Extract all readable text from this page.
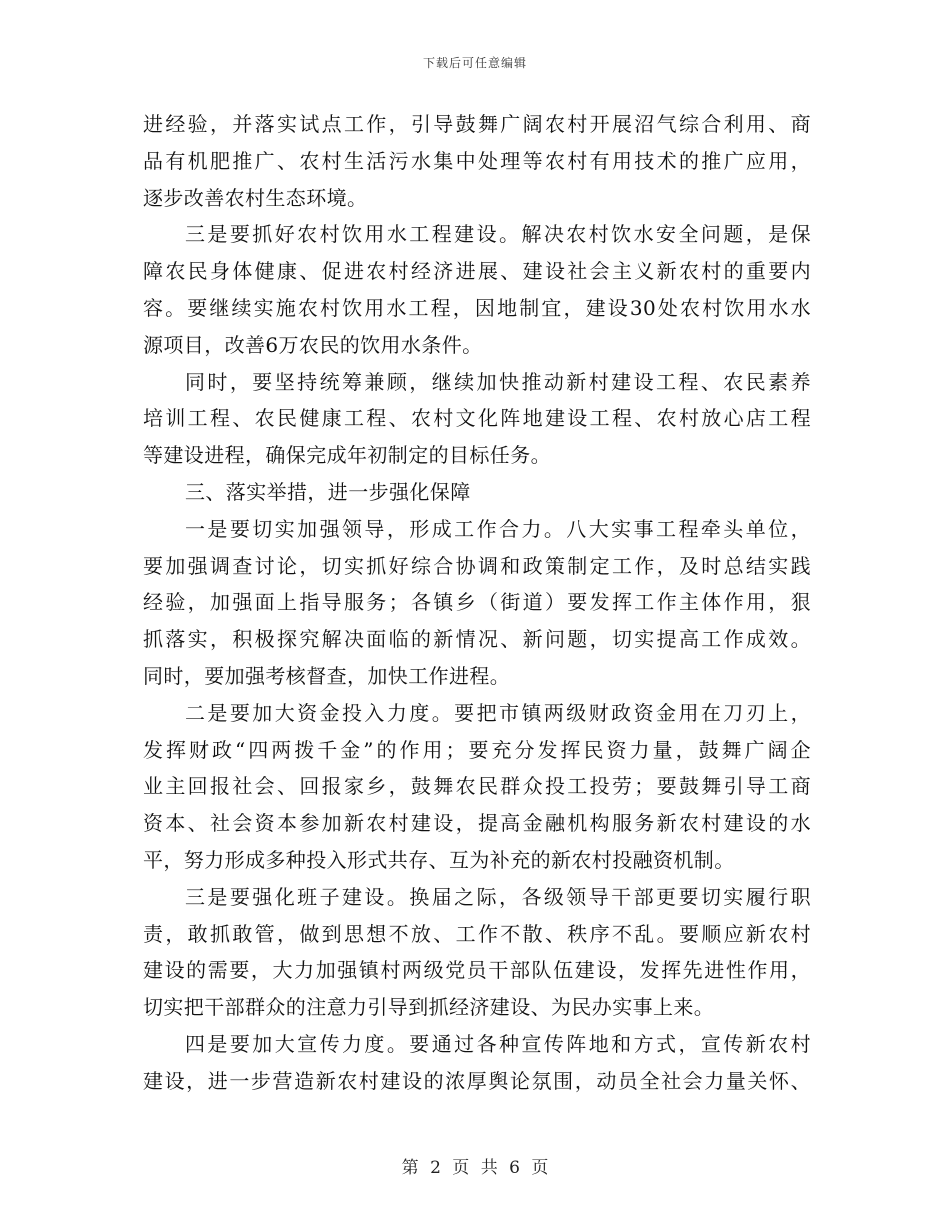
下载后可任意编辑
进经验，并落实试点工作，引导鼓舞广阔农村开展沼气综合利用、商
品有机肥推广、农村生活污水集中处理等农村有用技术的推广应用，
逐步改善农村生态环境。
三是要抓好农村饮用水工程建设。解决农村饮水安全问题，是保
障农民身体健康、促进农村经济进展、建设社会主义新农村的重要内
容。要继续实施农村饮用水工程，因地制宜，建设30处农村饮用水水
源项目，改善6万农民的饮用水条件。
同时，要坚持统筹兼顾，继续加快推动新村建设工程、农民素养
培训工程、农民健康工程、农村文化阵地建设工程、农村放心店工程
等建设进程，确保完成年初制定的目标任务。
三、落实举措，进一步强化保障
一是要切实加强领导，形成工作合力。八大实事工程牵头单位，
要加强调查讨论，切实抓好综合协调和政策制定工作，及时总结实践
经验，加强面上指导服务；各镇乡（街道）要发挥工作主体作用，狠
抓落实，积极探究解决面临的新情况、新问题，切实提高工作成效。
同时，要加强考核督查，加快工作进程。
二是要加大资金投入力度。要把市镇两级财政资金用在刀刃上，
发挥财政“四两拨千金”的作用；要充分发挥民资力量，鼓舞广阔企
业主回报社会、回报家乡，鼓舞农民群众投工投劳；要鼓舞引导工商
资本、社会资本参加新农村建设，提高金融机构服务新农村建设的水
平，努力形成多种投入形式共存、互为补充的新农村投融资机制。
三是要强化班子建设。换届之际，各级领导干部更要切实履行职
责，敢抓敢管，做到思想不放、工作不散、秩序不乱。要顺应新农村
建设的需要，大力加强镇村两级党员干部队伍建设，发挥先进性作用，
切实把干部群众的注意力引导到抓经济建设、为民办实事上来。
四是要加大宣传力度。要通过各种宣传阵地和方式，宣传新农村
建设，进一步营造新农村建设的浓厚舆论氛围，动员全社会力量关怀、
第 2 页 共 6 页
